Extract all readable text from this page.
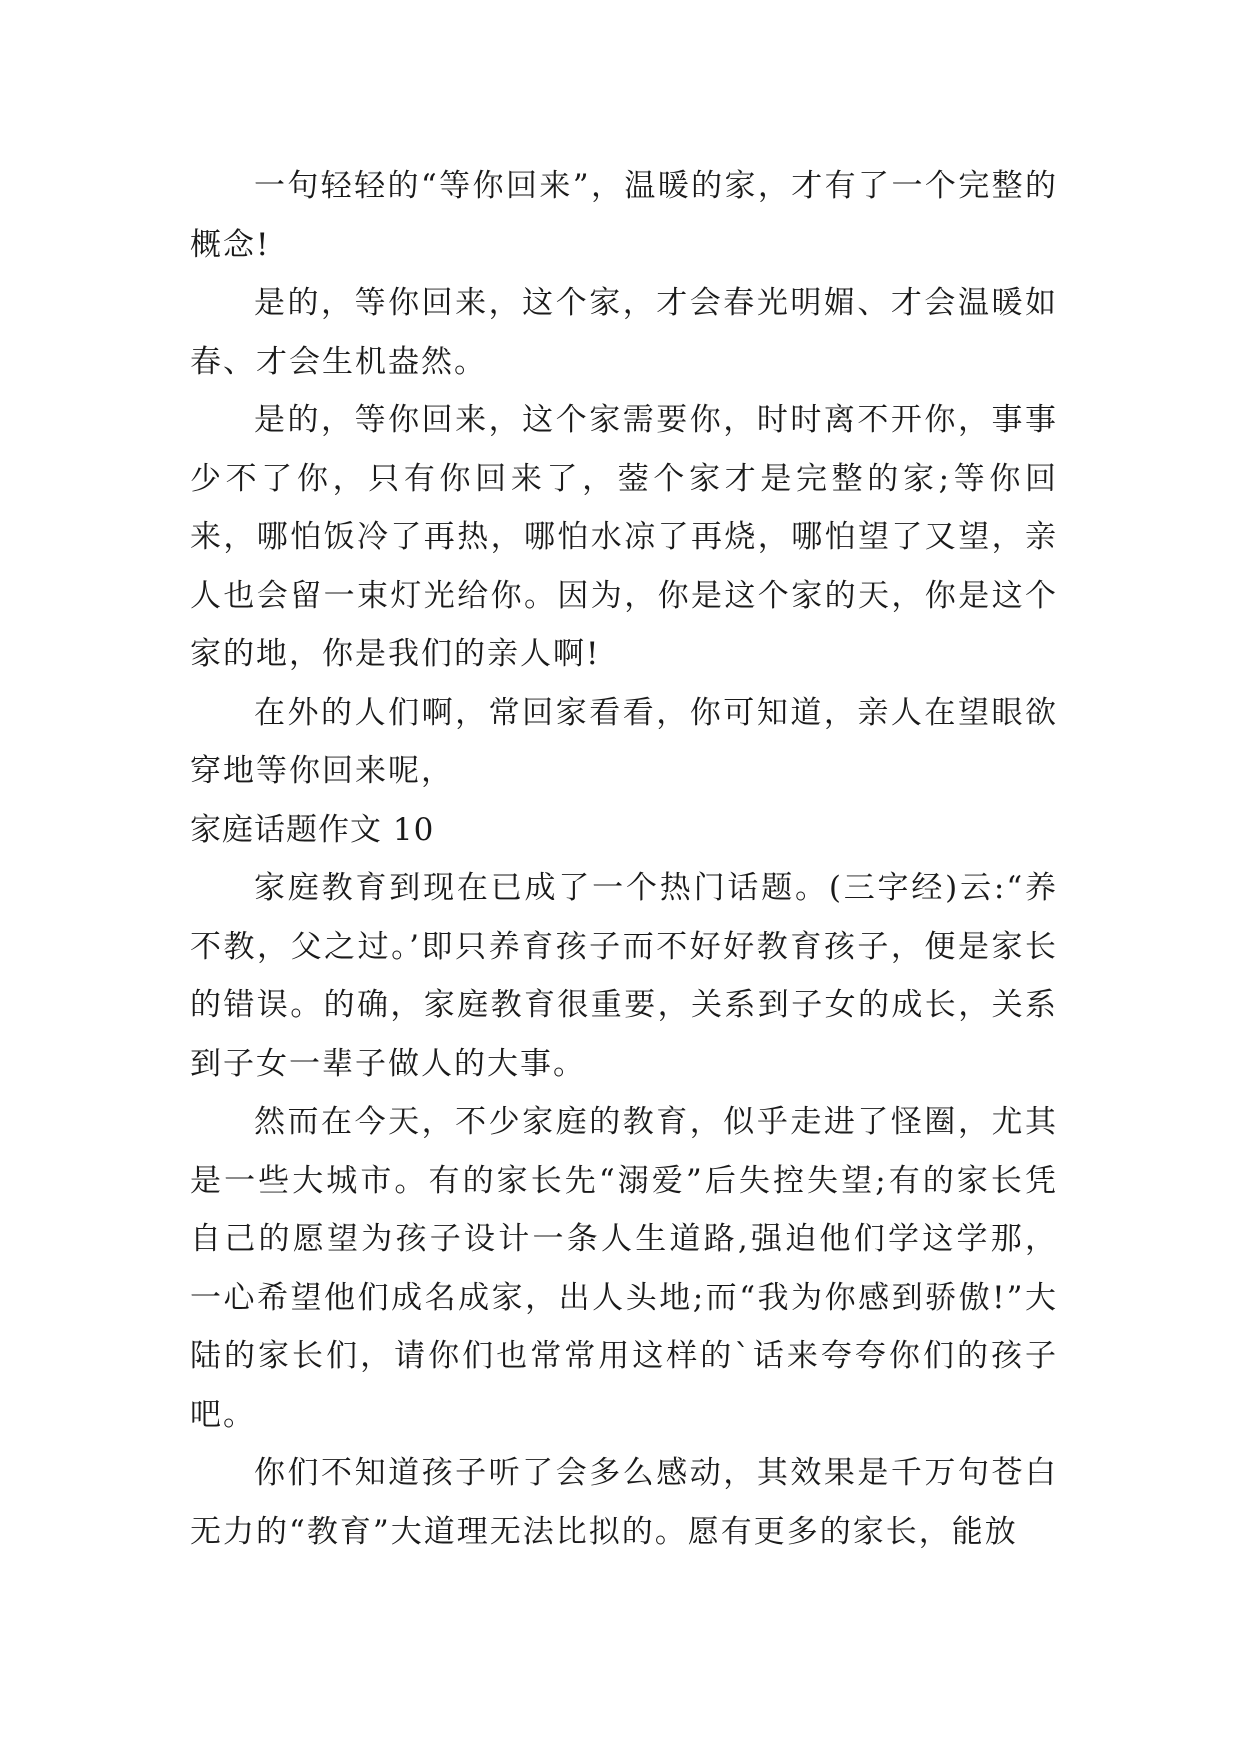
一句轻轻的“等你回来”，温暖的家，才有了一个完整的概念!

是的，等你回来，这个家，才会春光明媚、才会温暖如春、才会生机盎然。

是的，等你回来，这个家需要你，时时离不开你，事事少不了你，只有你回来了，蓥个家才是完整的家;等你回来，哪怕饭冷了再热，哪怕水凉了再烧，哪怕望了又望，亲人也会留一束灯光给你。因为，你是这个家的天，你是这个家的地，你是我们的亲人啊!

在外的人们啊，常回家看看，你可知道，亲人在望眼欲穿地等你回来呢，

家庭话题作文 10

家庭教育到现在已成了一个热门话题。(三字经)云:“养不教，父之过。’即只养育孩子而不好好教育孩子，便是家长的错误。的确，家庭教育很重要，关系到子女的成长，关系到子女一辈子做人的大事。

然而在今天，不少家庭的教育，似乎走进了怪圈，尤其是一些大城市。有的家长先“溺爱”后失控失望;有的家长凭自己的愿望为孩子设计一条人生道路,强迫他们学这学那，一心希望他们成名成家，出人头地;而“我为你感到骄傲!”大陆的家长们，请你们也常常用这样的`话来夸夸你们的孩子吧。

你们不知道孩子听了会多么感动，其效果是千万句苍白无力的“教育”大道理无法比拟的。愿有更多的家长，能放
